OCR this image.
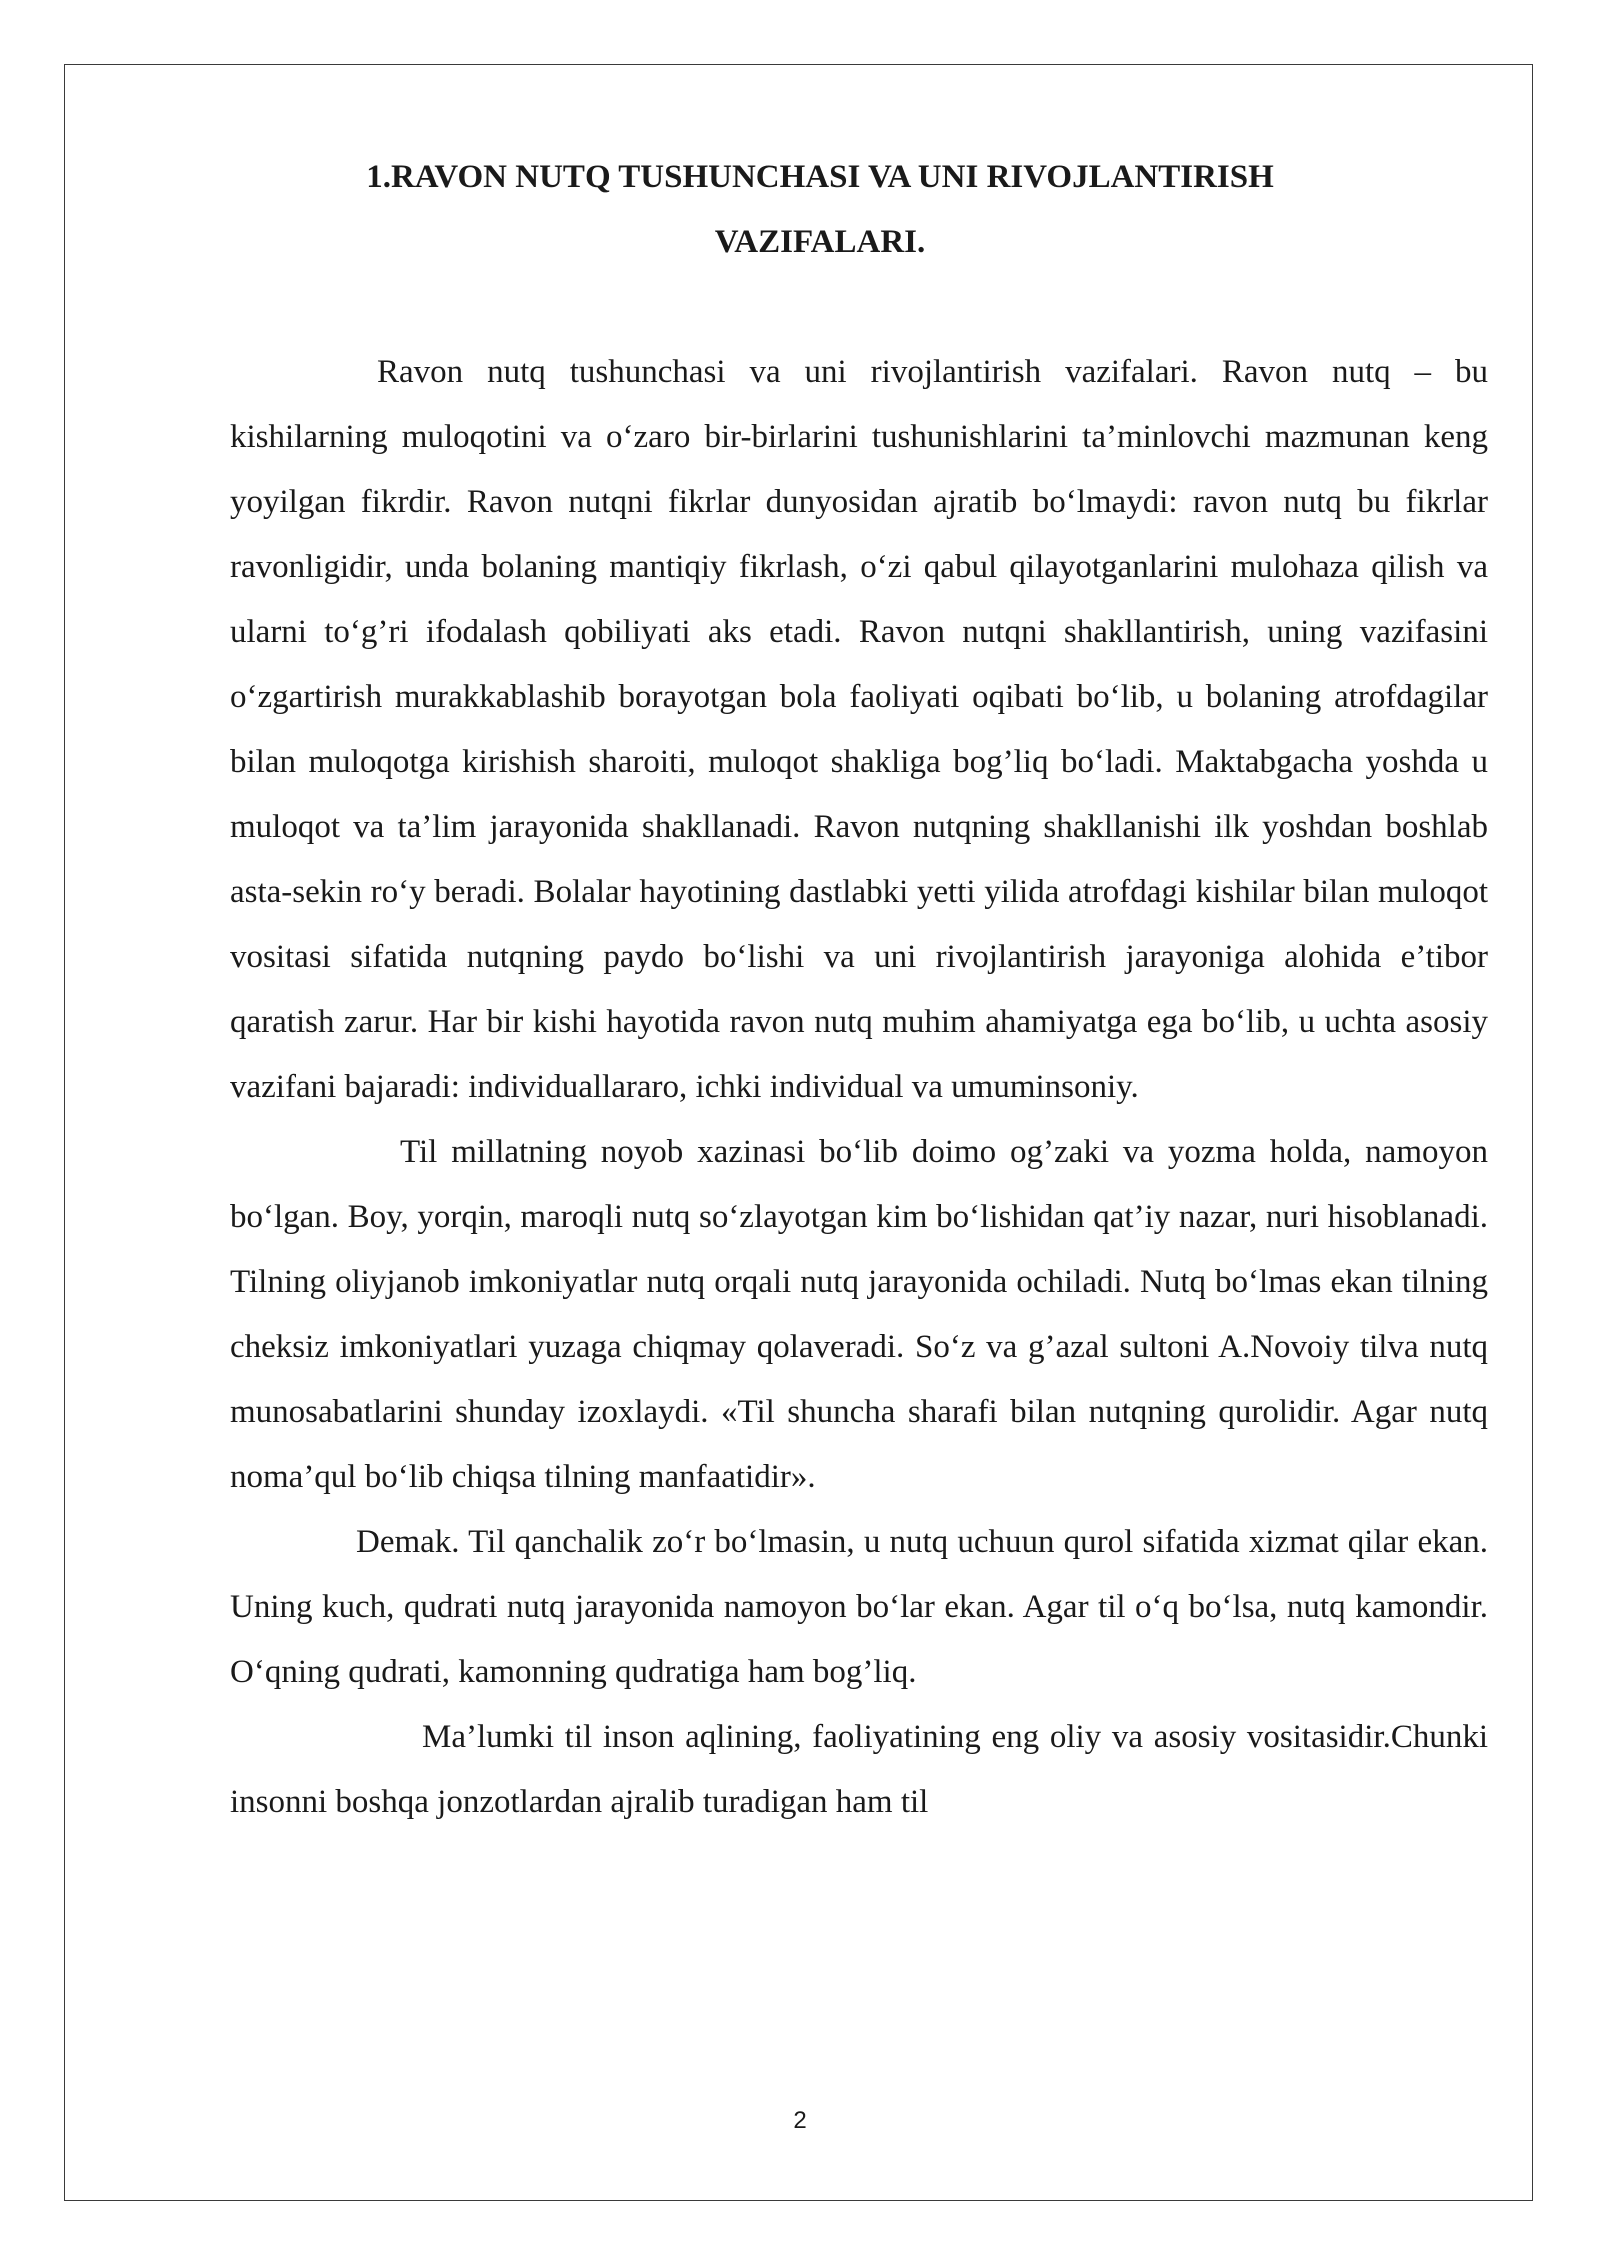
1.RAVON NUTQ TUSHUNCHASI VA UNI RIVOJLANTIRISH
VAZIFALARI.

Ravon nutq tushunchasi va uni rivojlantirish vazifalari. Ravon nutq – bu kishilarning muloqotini va o‘zaro bir-birlarini tushunishlarini ta’minlovchi mazmunan keng yoyilgan fikrdir. Ravon nutqni fikrlar dunyosidan ajratib bo‘lmaydi: ravon nutq bu fikrlar ravonligidir, unda bolaning mantiqiy fikrlash, o‘zi qabul qilayotganlarini mulohaza qilish va ularni to‘g’ri ifodalash qobiliyati aks etadi. Ravon nutqni shakllantirish, uning vazifasini o‘zgartirish murakkablashib borayotgan bola faoliyati oqibati bo‘lib, u bolaning atrofdagilar bilan muloqotga kirishish sharoiti, muloqot shakliga bog’liq bo‘ladi. Maktabgacha yoshda u muloqot va ta’lim jarayonida shakllanadi. Ravon nutqning shakllanishi ilk yoshdan boshlab asta-sekin ro‘y beradi. Bolalar hayotining dastlabki yetti yilida atrofdagi kishilar bilan muloqot vositasi sifatida nutqning paydo bo‘lishi va uni rivojlantirish jarayoniga alohida e’tibor qaratish zarur. Har bir kishi hayotida ravon nutq muhim ahamiyatga ega bo‘lib, u uchta asosiy vazifani bajaradi: individuallararo, ichki individual va umuminsoniy.

Til millatning noyob xazinasi bo‘lib doimo og’zaki va yozma holda, namoyon bo‘lgan. Boy, yorqin, maroqli nutq so‘zlayotgan kim bo‘lishidan qat’iy nazar, nuri hisoblanadi. Tilning oliyjanob imkoniyatlar nutq orqali nutq jarayonida ochiladi. Nutq bo‘lmas ekan tilning cheksiz imkoniyatlari yuzaga chiqmay qolaveradi. So‘z va g’azal sultoni A.Novoiy tilva nutq munosabatlarini shunday izoxlaydi. «Til shuncha sharafi bilan nutqning qurolidir. Agar nutq noma’qul bo‘lib chiqsa tilning manfaatidir».

Demak. Til qanchalik zo‘r bo‘lmasin, u nutq uchuun qurol sifatida xizmat qilar ekan. Uning kuch, qudrati nutq jarayonida namoyon bo‘lar ekan. Agar til o‘q bo‘lsa, nutq kamondir. O‘qning qudrati, kamonning qudratiga ham bog’liq.

Ma’lumki til inson aqlining, faoliyatining eng oliy va asosiy vositasidir.Chunki insonni boshqa jonzotlardan ajralib turadigan ham til

2
